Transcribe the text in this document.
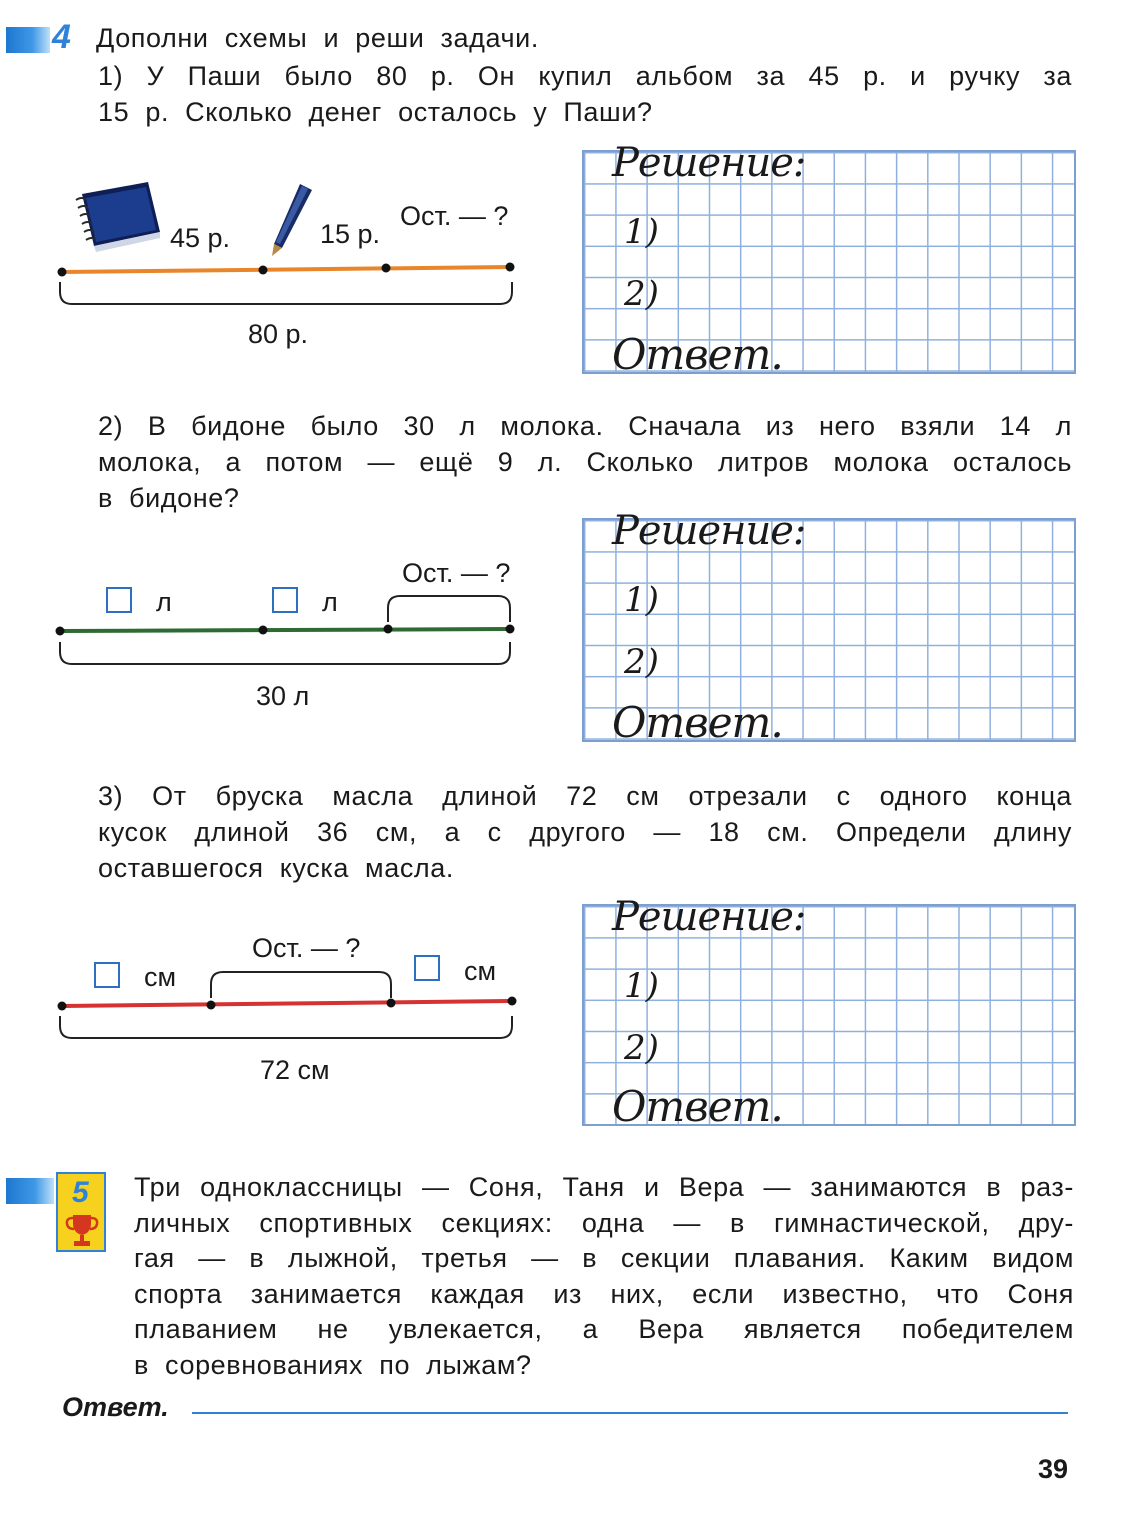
4 Дополни схемы и реши задачи.
1) У Паши было 80 р. Он купил альбом за 45 р. и ручку за
15 р. Сколько денег осталось у Паши?
45 р.	15 р.
Ост. — ?
80 р.
Решение:
1)
2)
Ответ.
2) В бидоне было 30 л молока. Сначала из него взяли 14 л
молока, а потом — ещё 9 л. Сколько литров молока осталось
в бидоне?
Ост. — ?
л	л
30 л
Решение:
1)
2)
Ответ.
3) От бруска масла длиной 72 см отрезали с одного конца
кусок длиной 36 см, а с другого — 18 см. Определи длину
оставшегося куска масла.
Ост. — ?
см	см
72 см
Решение:
1)
2)
Ответ.
5 Три одноклассницы — Соня, Таня и Вера — занимаются в раз-
личных спортивных секциях: одна — в гимнастической, дру-
гая — в лыжной, третья — в секции плавания. Каким видом
спорта занимается каждая из них, если известно, что Соня
плаванием не увлекается, а Вера является победителем
в соревнованиях по лыжам?
Ответ.
39
